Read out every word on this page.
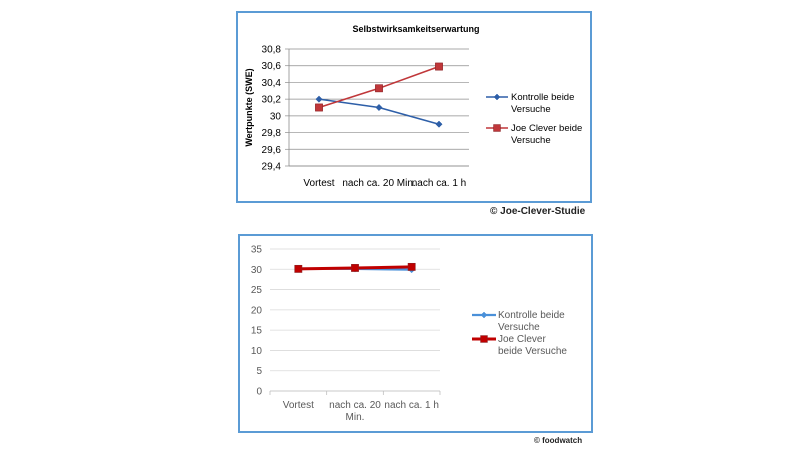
Selbstwirksamkeitserwartung
29,4
29,6
29,8
30
30,2
30,4
30,6
30,8
Vortest nach ca. 20 Min.
nach ca. 1 h
Wertpunkte (SWE)	Kontrolle beide
Versuche
Joe Clever beide
Versuche
© Joe-Clever-Studie
0
5
10
15
20
25
30
35
Vortest nach ca. 20
Min.
nach ca. 1 h
Kontrolle beide
Versuche
Joe Clever
beide Versuche
© foodwatch
